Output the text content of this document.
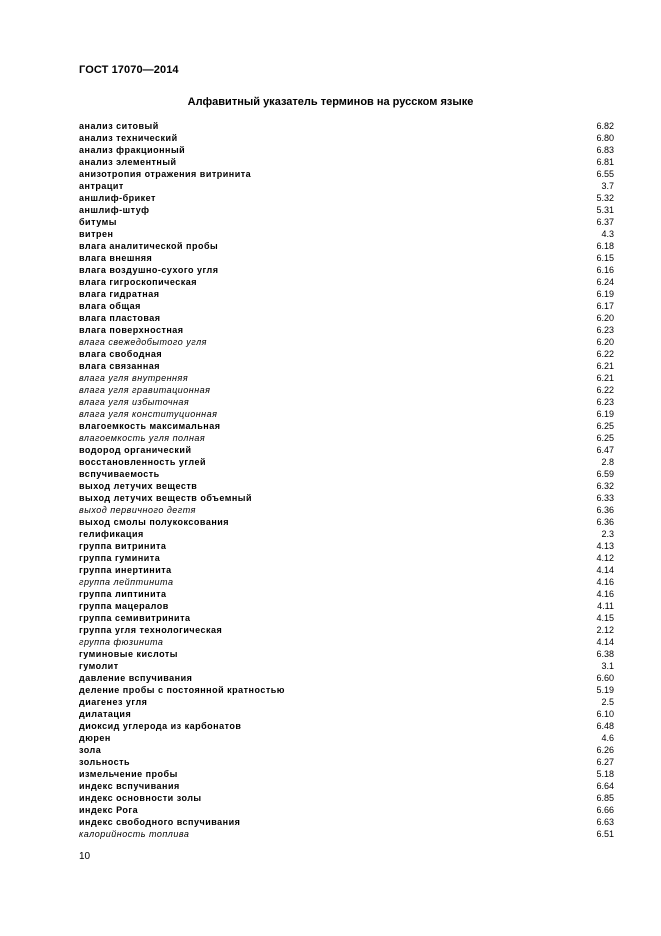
ГОСТ 17070—2014
Алфавитный указатель терминов на русском языке
анализ ситовый	6.82
анализ технический	6.80
анализ фракционный	6.83
анализ элементный	6.81
анизотропия отражения витринита	6.55
антрацит	3.7
аншлиф-брикет	5.32
аншлиф-штуф	5.31
битумы	6.37
витрен	4.3
влага аналитической пробы	6.18
влага внешняя	6.15
влага воздушно-сухого угля	6.16
влага гигроскопическая	6.24
влага гидратная	6.19
влага общая	6.17
влага пластовая	6.20
влага поверхностная	6.23
влага свежедобытого угля	6.20
влага свободная	6.22
влага связанная	6.21
влага угля внутренняя	6.21
влага угля гравитационная	6.22
влага угля избыточная	6.23
влага угля конституционная	6.19
влагоемкость максимальная	6.25
влагоемкость угля полная	6.25
водород органический	6.47
восстановленность углей	2.8
вспучиваемость	6.59
выход летучих веществ	6.32
выход летучих веществ объемный	6.33
выход первичного дегтя	6.36
выход смолы полукоксования	6.36
гелификация	2.3
группа витринита	4.13
группа гуминита	4.12
группа инертинита	4.14
группа лейптинита	4.16
группа липтинита	4.16
группа мацералов	4.11
группа семивитринита	4.15
группа угля технологическая	2.12
группа фюзинита	4.14
гуминовые кислоты	6.38
гумолит	3.1
давление вспучивания	6.60
деление пробы с постоянной кратностью	5.19
диагенез угля	2.5
дилатация	6.10
диоксид углерода из карбонатов	6.48
дюрен	4.6
зола	6.26
зольность	6.27
измельчение пробы	5.18
индекс вспучивания	6.64
индекс основности золы	6.85
индекс Рога	6.66
индекс свободного вспучивания	6.63
калорийность топлива	6.51
10
